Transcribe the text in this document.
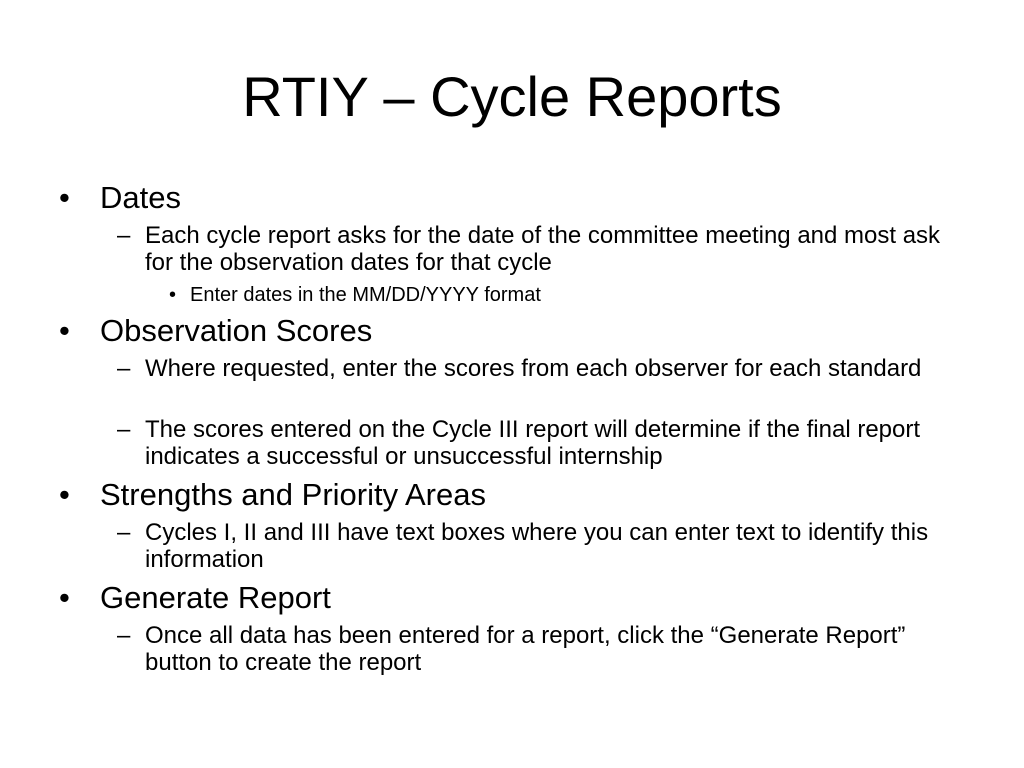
RTIY – Cycle Reports
• Dates
– Each cycle report asks for the date of the committee meeting and most ask for the observation dates for that cycle
• Enter dates in the MM/DD/YYYY format
• Observation Scores
– Where requested, enter the scores from each observer for each standard
– The scores entered on the Cycle III report will determine if the final report indicates a successful or unsuccessful internship
• Strengths and Priority Areas
– Cycles I, II and III have text boxes where you can enter text to identify this information
• Generate Report
– Once all data has been entered for a report, click the “Generate Report” button to create the report
